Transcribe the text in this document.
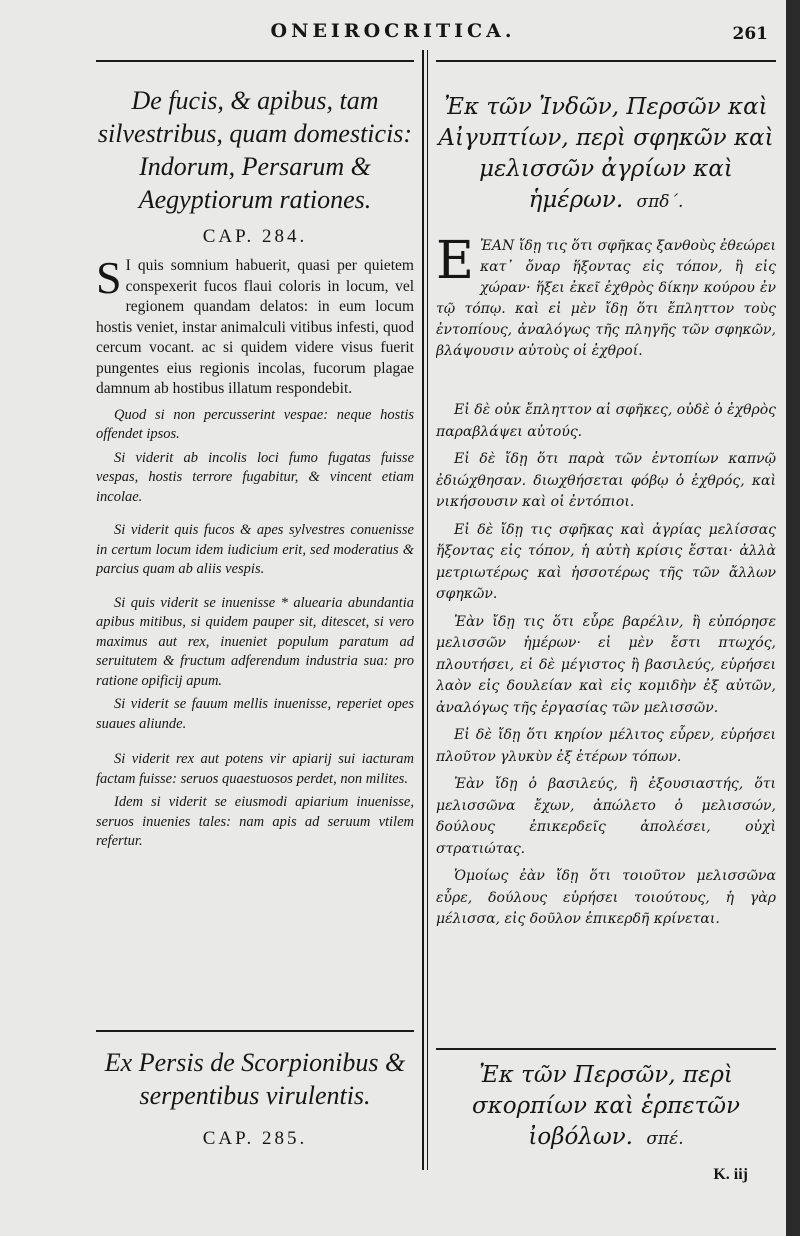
ONEIROCRITICA.	261
De fucis, & apibus, tam silvestribus, quam domesticis: Indorum, Persarum & Aegyptiorum rationes.
CAP. 284.

S I quis somnium habuerit, quasi per quietem conspexerit fucos flaui coloris in locum, vel regionem quandam delatos: in eum locum hostis veniet, instar animalculi vitibus infesti, quod cercum vocant. ac si quidem videre visus fuerit pungentes eius regionis incolas, fucorum plagae damnum ab hostibus illatum respondebit.

Quod si non percusserint vespae: neque hostis offendet ipsos.

Si viderit ab incolis loci fumo fugatas fuisse vespas, hostis terrore fugabitur, & vincent etiam incolae.

Si viderit quis fucos & apes sylvestres conuenisse in certum locum idem iudicium erit, sed moderatius & parcius quam ab aliis vespis.

Si quis viderit se inuenisse * aluearia abundantia apibus mitibus, si quidem pauper sit, ditescet, si vero maximus aut rex, inueniet populum paratum ad seruitutem & fructum adferendum industria sua: pro ratione opificij apum.

Si viderit se fauum mellis inuenisse, reperiet opes suaues aliunde.

Si viderit rex aut potens vir apiarij sui iacturam factam fuisse: seruos quaestuosos perdet, non milites.

Idem si viderit se eiusmodi apiarium inuenisse, seruos inuenies tales: nam apis ad seruum vtilem refertur.

Ex Persis de Scorpionibus & serpentibus virulentis.
CAP. 285.
Ἐκ τῶν Ἰνδῶν, Περσῶν καὶ Αἰγυπτίων, περὶ σφηκῶν καὶ μελισσῶν ἀγρίων καὶ ἡμέρων. σπδ΄.

ΕἘΑΝ ἴδῃ τις ὅτι σφῆκας ξανθοὺς ἐθεώρει κατ᾽ ὄναρ ἥξοντας εἰς τόπον, ἢ εἰς χώραν· ἥξει ἐκεῖ ἐχθρὸς δίκην κούρου ἐν τῷ τόπῳ. καὶ εἰ μὲν ἴδῃ ὅτι ἔπληττον τοὺς ἐντοπίους, ἀναλόγως τῆς πληγῆς τῶν σφηκῶν, βλάψουσιν αὐτοὺς οἱ ἐχθροί.

Εἰ δὲ οὐκ ἔπληττον αἱ σφῆκες, οὐδὲ ὁ ἐχθρὸς παραβλάψει αὐτούς.

Εἰ δὲ ἴδῃ ὅτι παρὰ τῶν ἐντοπίων καπνῷ ἐδιώχθησαν. διωχθήσεται φόβῳ ὁ ἐχθρός, καὶ νικήσουσιν καὶ οἱ ἐντόπιοι.

Εἰ δὲ ἴδῃ τις σφῆκας καὶ ἀγρίας μελίσσας ἥξοντας εἰς τόπον, ἡ αὐτὴ κρίσις ἔσται· ἀλλὰ μετριωτέρως καὶ ἡσσοτέρως τῆς τῶν ἄλλων σφηκῶν.

Ἐὰν ἴδῃ τις ὅτι εὗρε βαρέλιν, ἢ εὐπόρησε μελισσῶν ἡμέρων· εἰ μὲν ἔστι πτωχός, πλουτήσει, εἰ δὲ μέγιστος ἢ βασιλεύς, εὑρήσει λαὸν εἰς δουλείαν καὶ εἰς κομιδὴν ἐξ αὐτῶν, ἀναλόγως τῆς ἐργασίας τῶν μελισσῶν.

Εἰ δὲ ἴδῃ ὅτι κηρίον μέλιτος εὗρεν, εὑρήσει πλοῦτον γλυκὺν ἐξ ἑτέρων τόπων.

Ἐὰν ἴδῃ ὁ βασιλεύς, ἢ ἐξουσιαστής, ὅτι μελισσῶνα ἔχων, ἀπώλετο ὁ μελισσών, δούλους ἐπικερδεῖς ἀπολέσει, οὐχὶ στρατιώτας.

Ὁμοίως ἐὰν ἴδῃ ὅτι τοιοῦτον μελισσῶνα εὗρε, δούλους εὑρήσει τοιούτους, ἡ γὰρ μέλισσα, εἰς δοῦλον ἐπικερδῆ κρίνεται.

Ἐκ τῶν Περσῶν, περὶ σκορπίων καὶ ἑρπετῶν ἰοβόλων. σπέ.
K. iij
